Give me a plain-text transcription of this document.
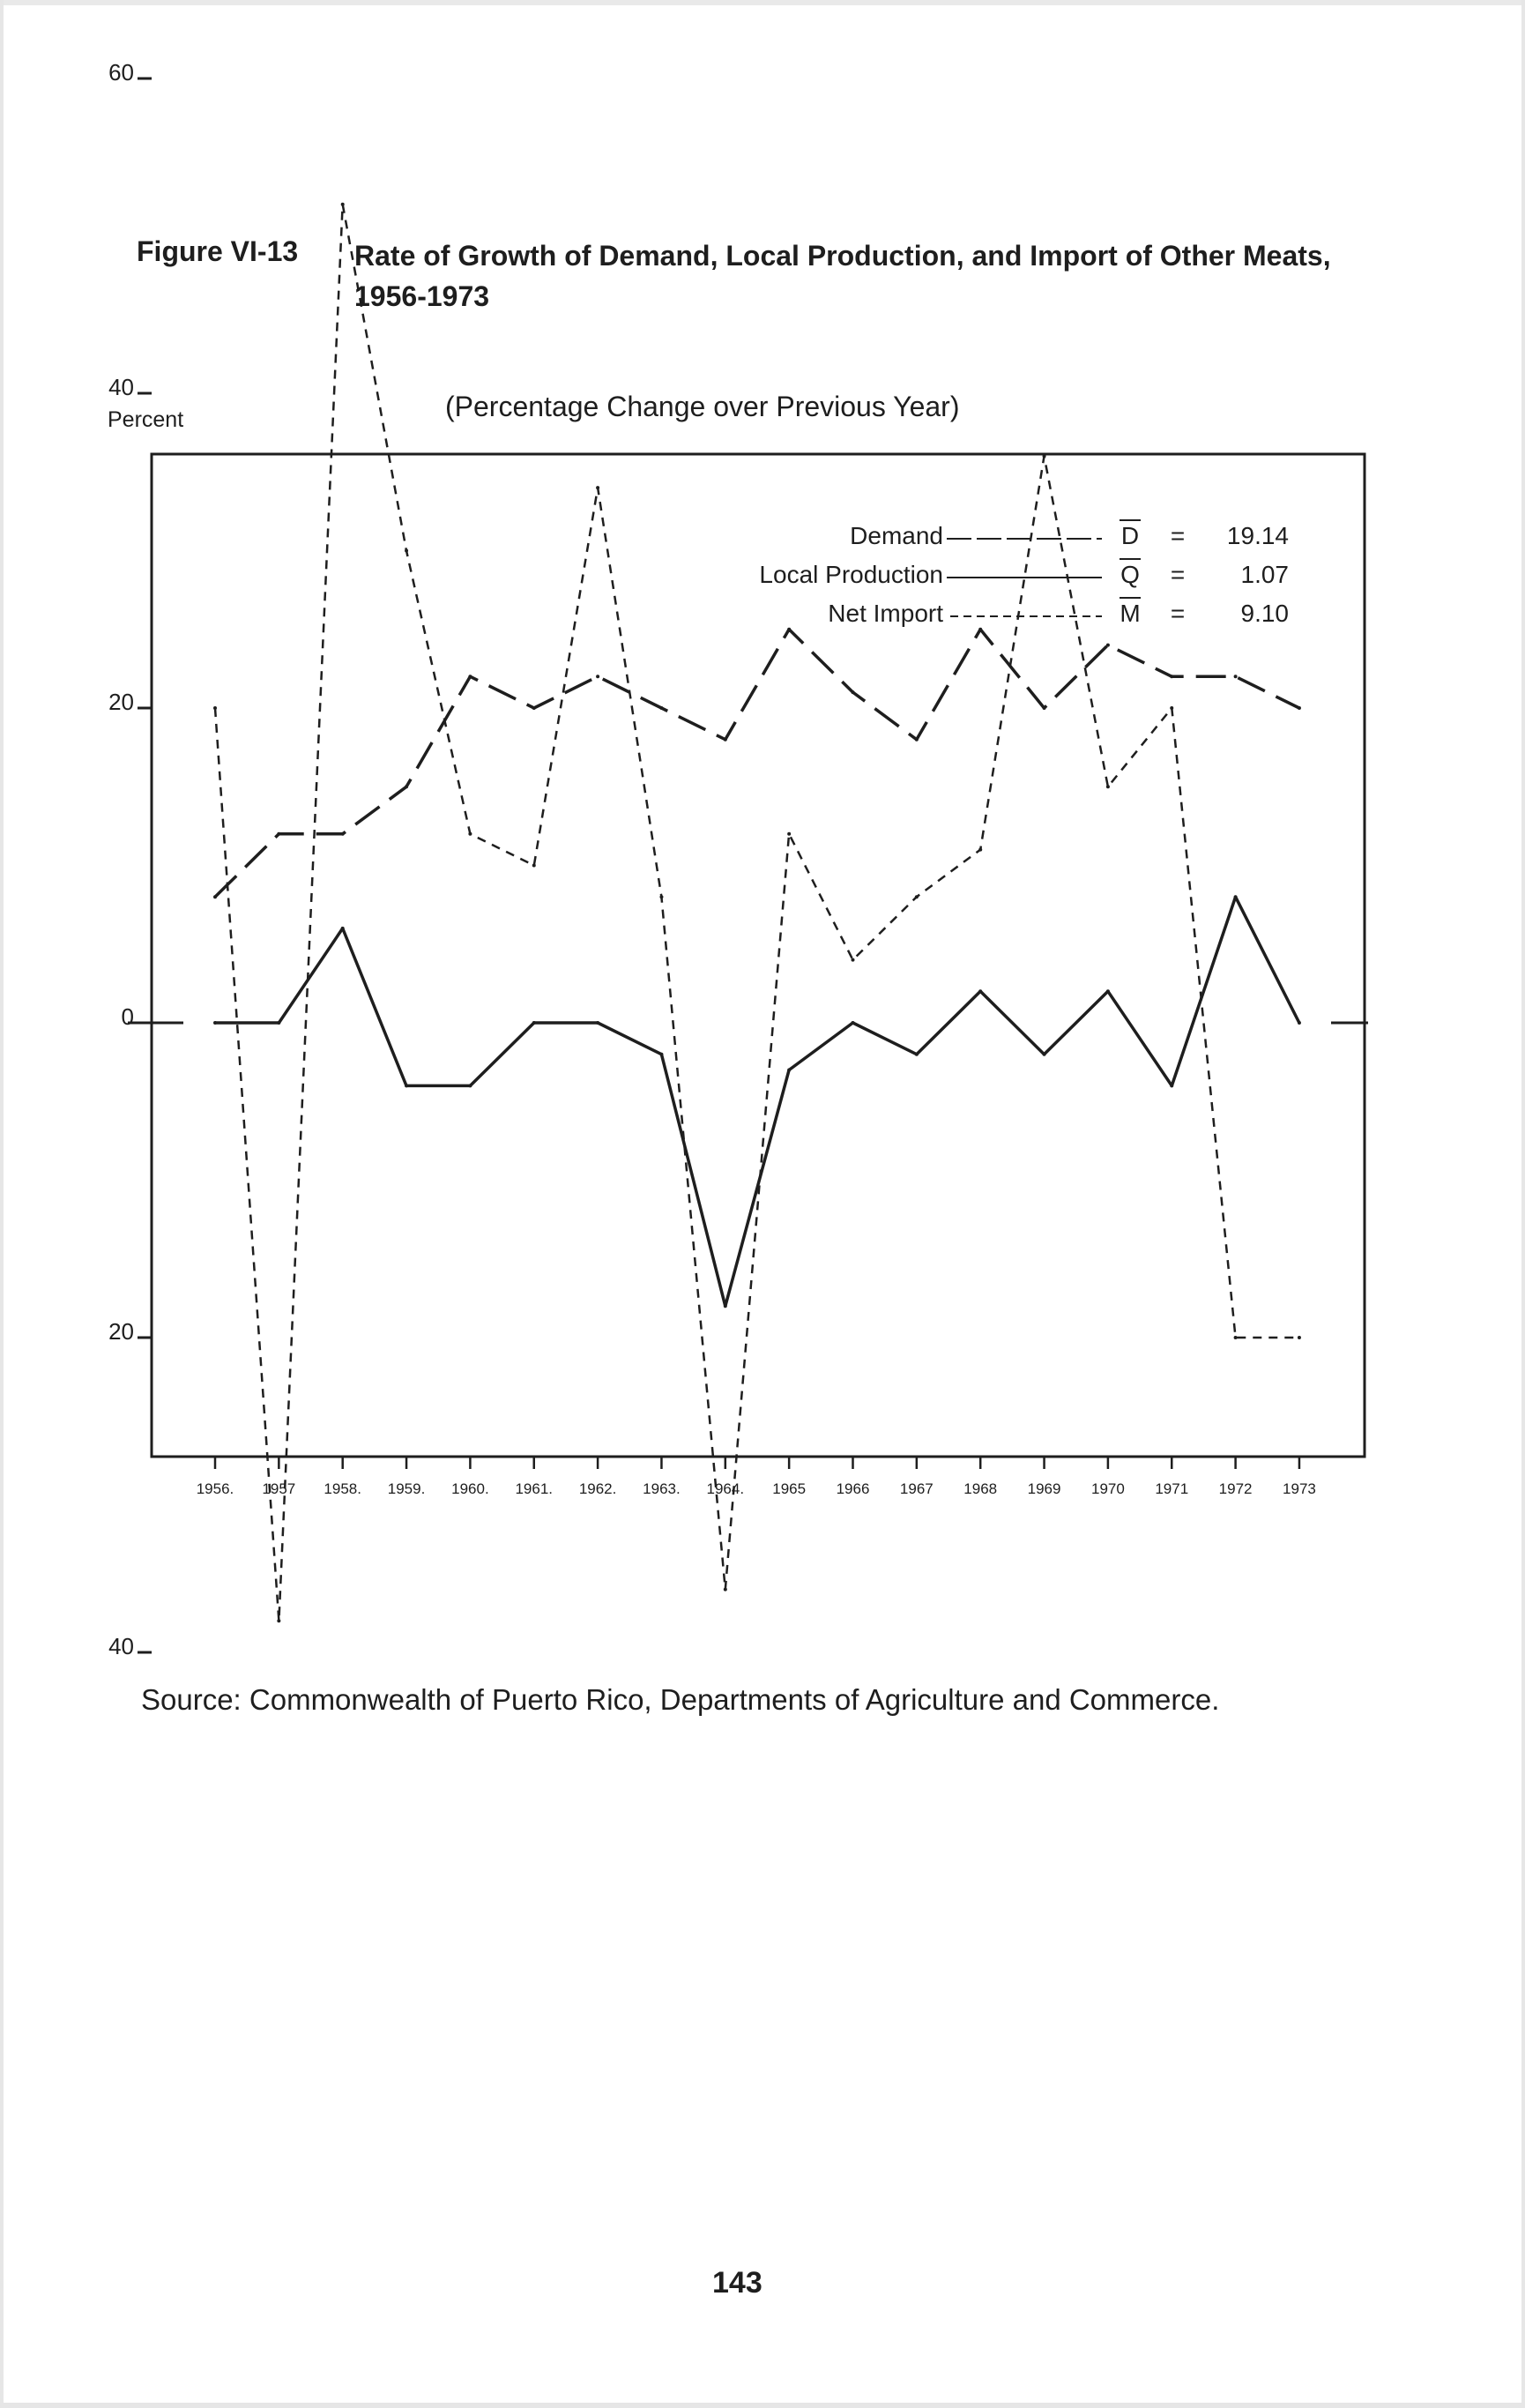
Figure VI-13 Rate of Growth of Demand, Local Production, and Import of Other Meats, 1956-1973
(Percentage Change over Previous Year)
Percent
60
40
20
0
20
40
1956. 1957 1958. 1959. 1960. 1961. 1962. 1963. 1964. 1965 1966 1967 1968 1969 1970 1971 1972 1973
Demand	D = 19.14
Local Production	Q = 1.07
Net Import	M = 9.10
Source: Commonwealth of Puerto Rico, Departments of Agriculture and Commerce.
143
